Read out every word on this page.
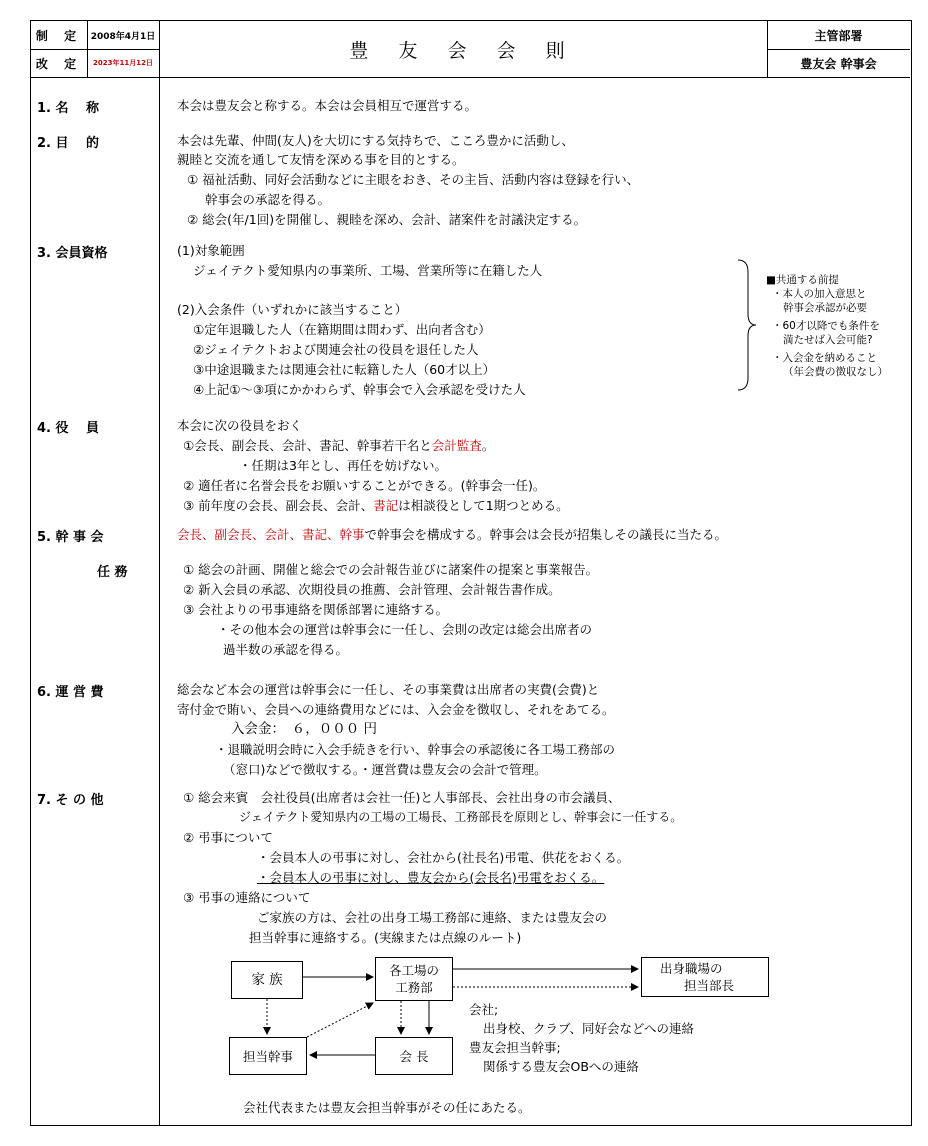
制 定 2008年4月1日
改 定 2023年11月12日
豊 友 会 会 則
主管部署
豊友会 幹事会
1. 名　 称	本会は豊友会と称する。本会は会員相互で運営する。
2. 目　 的	本会は先輩、仲間(友人)を大切にする気持ちで、こころ豊かに活動し、
親睦と交流を通して友情を深める事を目的とする。
① 福祉活動、同好会活動などに主眼をおき、その主旨、活動内容は登録を行い、
幹事会の承認を得る。
② 総会(年/1回)を開催し、親睦を深め、会計、諸案件を討議決定する。
3. 会員資格	(1)対象範囲
ジェイテクト愛知県内の事業所、工場、営業所等に在籍した人
(2)入会条件（いずれかに該当すること）
①定年退職した人（在籍期間は問わず、出向者含む）
②ジェイテクトおよび関連会社の役員を退任した人
③中途退職または関連会社に転籍した人（60才以上）
④上記①～③項にかかわらず、幹事会で入会承認を受けた人
■共通する前提
・本人の加入意思と
幹事会承認が必要
・60才以降でも条件を
満たせば入会可能?
・入会金を納めること
（年会費の徴収なし）
4. 役　 員	本会に次の役員をおく
①会長、副会長、会計、書記、幹事若干名と会計監査。
・任期は3年とし、再任を妨げない。
② 適任者に名誉会長をお願いすることができる。(幹事会一任)。
③ 前年度の会長、副会長、会計、書記は相談役として1期つとめる。
5. 幹 事 会	会長、副会長、会計、書記、幹事で幹事会を構成する。幹事会は会長が招集しその議長に当たる。
任 務	① 総会の計画、開催と総会での会計報告並びに諸案件の提案と事業報告。
② 新入会員の承認、次期役員の推薦、会計管理、会計報告書作成。
③ 会社よりの弔事連絡を関係部署に連絡する。
・その他本会の運営は幹事会に一任し、会則の改定は総会出席者の
過半数の承認を得る。
6. 運 営 費	総会など本会の運営は幹事会に一任し、その事業費は出席者の実費(会費)と
寄付金で賄い、会員への連絡費用などには、入会金を徴収し、それをあてる。
入会金：　６，０００ 円
・退職説明会時に入会手続きを行い、幹事会の承認後に各工場工務部の
（窓口)などで徴収する。・運営費は豊友会の会計で管理。
7. そ の 他	① 総会来賓　会社役員(出席者は会社一任)と人事部長、会社出身の市会議員、
ジェイテクト愛知県内の工場の工場長、工務部長を原則とし、幹事会に一任する。
② 弔事について
・会員本人の弔事に対し、会社から(社長名)弔電、供花をおくる。
・会員本人の弔事に対し、豊友会から(会長名)弔電をおくる。
③ 弔事の連絡について
ご家族の方は、会社の出身工場工務部に連絡、または豊友会の
担当幹事に連絡する。(実線または点線のルート)
家 族
各工場の
工務部
出身職場の
担当部長
担当幹事	会 長
会社;
出身校、クラブ、同好会などへの連絡
豊友会担当幹事;
関係する豊友会OBへの連絡
会社代表または豊友会担当幹事がその任にあたる。
